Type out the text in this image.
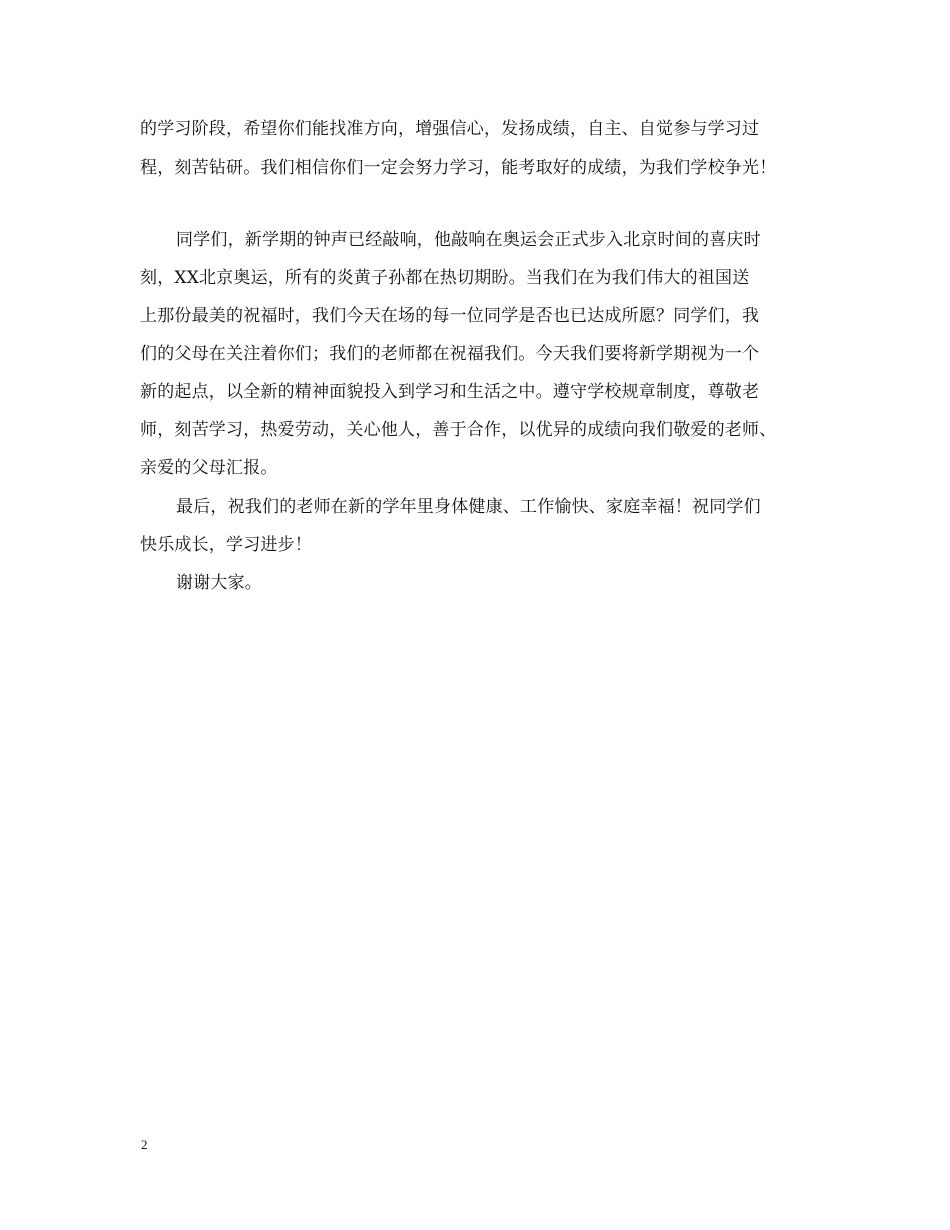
的学习阶段，希望你们能找准方向，增强信心，发扬成绩，自主、自觉参与学习过
程，刻苦钻研。我们相信你们一定会努力学习，能考取好的成绩，为我们学校争光！
同学们，新学期的钟声已经敲响，他敲响在奥运会正式步入北京时间的喜庆时
刻，XX北京奥运，所有的炎黄子孙都在热切期盼。当我们在为我们伟大的祖国送
上那份最美的祝福时，我们今天在场的每一位同学是否也已达成所愿？同学们，我
们的父母在关注着你们；我们的老师都在祝福我们。今天我们要将新学期视为一个
新的起点，以全新的精神面貌投入到学习和生活之中。遵守学校规章制度，尊敬老
师，刻苦学习，热爱劳动，关心他人，善于合作，以优异的成绩向我们敬爱的老师、
亲爱的父母汇报。
最后，祝我们的老师在新的学年里身体健康、工作愉快、家庭幸福！祝同学们
快乐成长，学习进步！
谢谢大家。
2
